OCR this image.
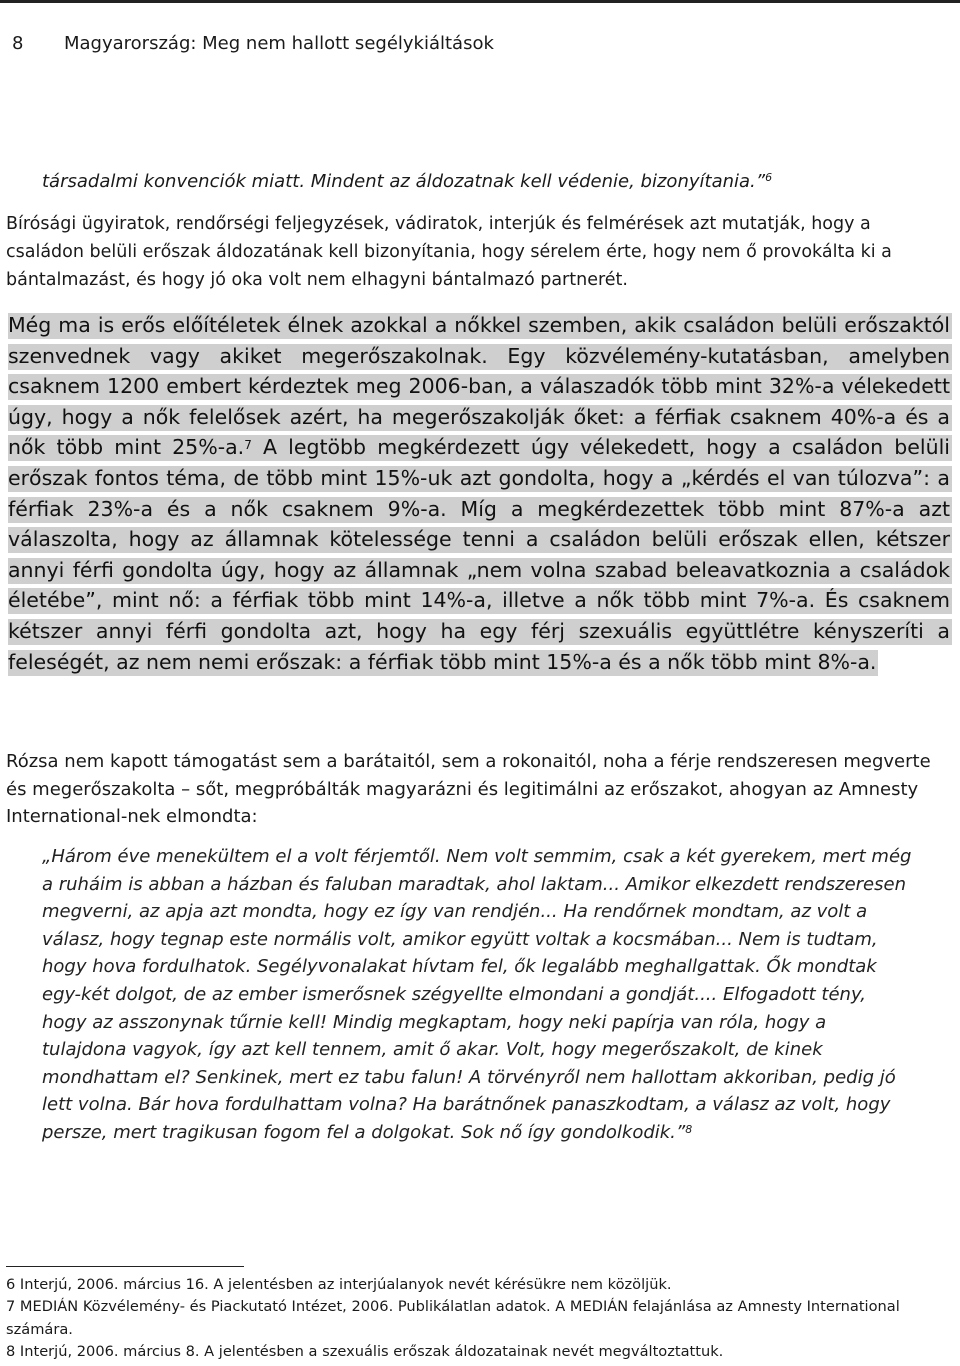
8 Magyarország: Meg nem hallott segélykiáltások
társadalmi konvenciók miatt. Mindent az áldozatnak kell védenie, bizonyítania.”$^6$

Bírósági ügyiratok, rendőrségi feljegyzések, vádiratok, interjúk és felmérések azt mutatják, hogy a családon belüli erőszak áldozatának kell bizonyítania, hogy sérelem érte, hogy nem ő provokálta ki a bántalmazást, és hogy jó oka volt nem elhagyni bántalmazó partnerét.

Még ma is erős előítéletek élnek azokkal a nőkkel szemben, akik családon belüli erőszaktól szenvednek vagy akiket megerőszakolnak. Egy közvélemény-kutatásban, amelyben csaknem 1200 embert kérdeztek meg 2006-ban, a válaszadók több mint 32%-a vélekedett úgy, hogy a nők felelősek azért, ha megerőszakolják őket: a férfiak csaknem 40%-a és a nők több mint 25%-a.$^7$ A legtöbb megkérdezett úgy vélekedett, hogy a családon belüli erőszak fontos téma, de több mint 15%-uk azt gondolta, hogy a „kérdés el van túlozva”: a férfiak 23%-a és a nők csaknem 9%-a. Míg a megkérdezettek több mint 87%-a azt válaszolta, hogy az államnak kötelessége tenni a családon belüli erőszak ellen, kétszer annyi férfi gondolta úgy, hogy az államnak „nem volna szabad beleavatkoznia a családok életébe”, mint nő: a férfiak több mint 14%-a, illetve a nők több mint 7%-a. És csaknem kétszer annyi férfi gondolta azt, hogy ha egy férj szexuális együttlétre kényszeríti a feleségét, az nem nemi erőszak: a férfiak több mint 15%-a és a nők több mint 8%-a.

Rózsa nem kapott támogatást sem a barátaitól, sem a rokonaitól, noha a férje rendszeresen megverte és megerőszakolta – sőt, megpróbálták magyarázni és legitimálni az erőszakot, ahogyan az Amnesty International-nek elmondta:

„Három éve menekültem el a volt férjemtől. Nem volt semmim, csak a két gyerekem, mert még a ruháim is abban a házban és faluban maradtak, ahol laktam... Amikor elkezdett rendszeresen megverni, az apja azt mondta, hogy ez így van rendjén... Ha rendőrnek mondtam, az volt a válasz, hogy tegnap este normális volt, amikor együtt voltak a kocsmában... Nem is tudtam, hogy hova fordulhatok. Segélyvonalakat hívtam fel, ők legalább meghallgattak. Ők mondtak egy-két dolgot, de az ember ismerősnek szégyellte elmondani a gondját.... Elfogadott tény, hogy az asszonynak tűrnie kell! Mindig megkaptam, hogy neki papírja van róla, hogy a tulajdona vagyok, így azt kell tennem, amit ő akar. Volt, hogy megerőszakolt, de kinek mondhattam el? Senkinek, mert ez tabu falun! A törvényről nem hallottam akkoriban, pedig jó lett volna. Bár hova fordulhattam volna? Ha barátnőnek panaszkodtam, a válasz az volt, hogy persze, mert tragikusan fogom fel a dolgokat. Sok nő így gondolkodik.”$^8$
6 Interjú, 2006. március 16. A jelentésben az interjúalanyok nevét kérésükre nem közöljük.
7 MEDIÁN Közvélemény- és Piackutató Intézet, 2006. Publikálatlan adatok. A MEDIÁN felajánlása az Amnesty International számára.
8 Interjú, 2006. március 8. A jelentésben a szexuális erőszak áldozatainak nevét megváltoztattuk.
